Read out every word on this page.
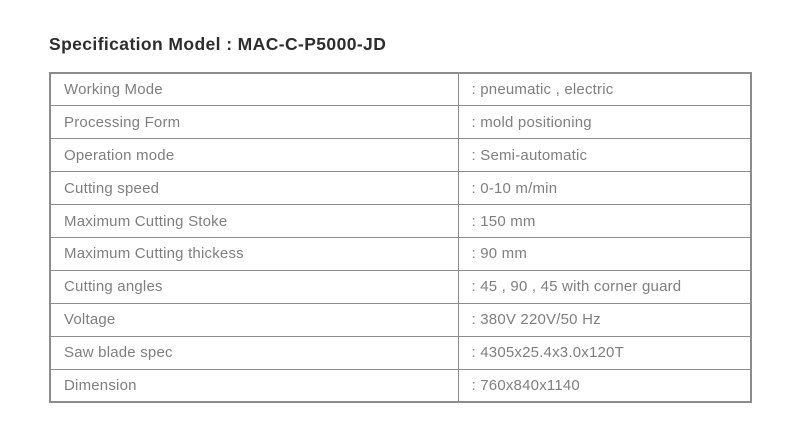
Specification Model : MAC-C-P5000-JD
Working Mode	: pneumatic , electric
Processing Form	: mold positioning
Operation mode	: Semi-automatic
Cutting speed	: 0-10 m/min
Maximum Cutting Stoke	: 150 mm
Maximum Cutting thickess	: 90 mm
Cutting angles	: 45 , 90 , 45 with corner guard
Voltage	: 380V 220V/50 Hz
Saw blade spec	: 4305x25.4x3.0x120T
Dimension	: 760x840x1140
